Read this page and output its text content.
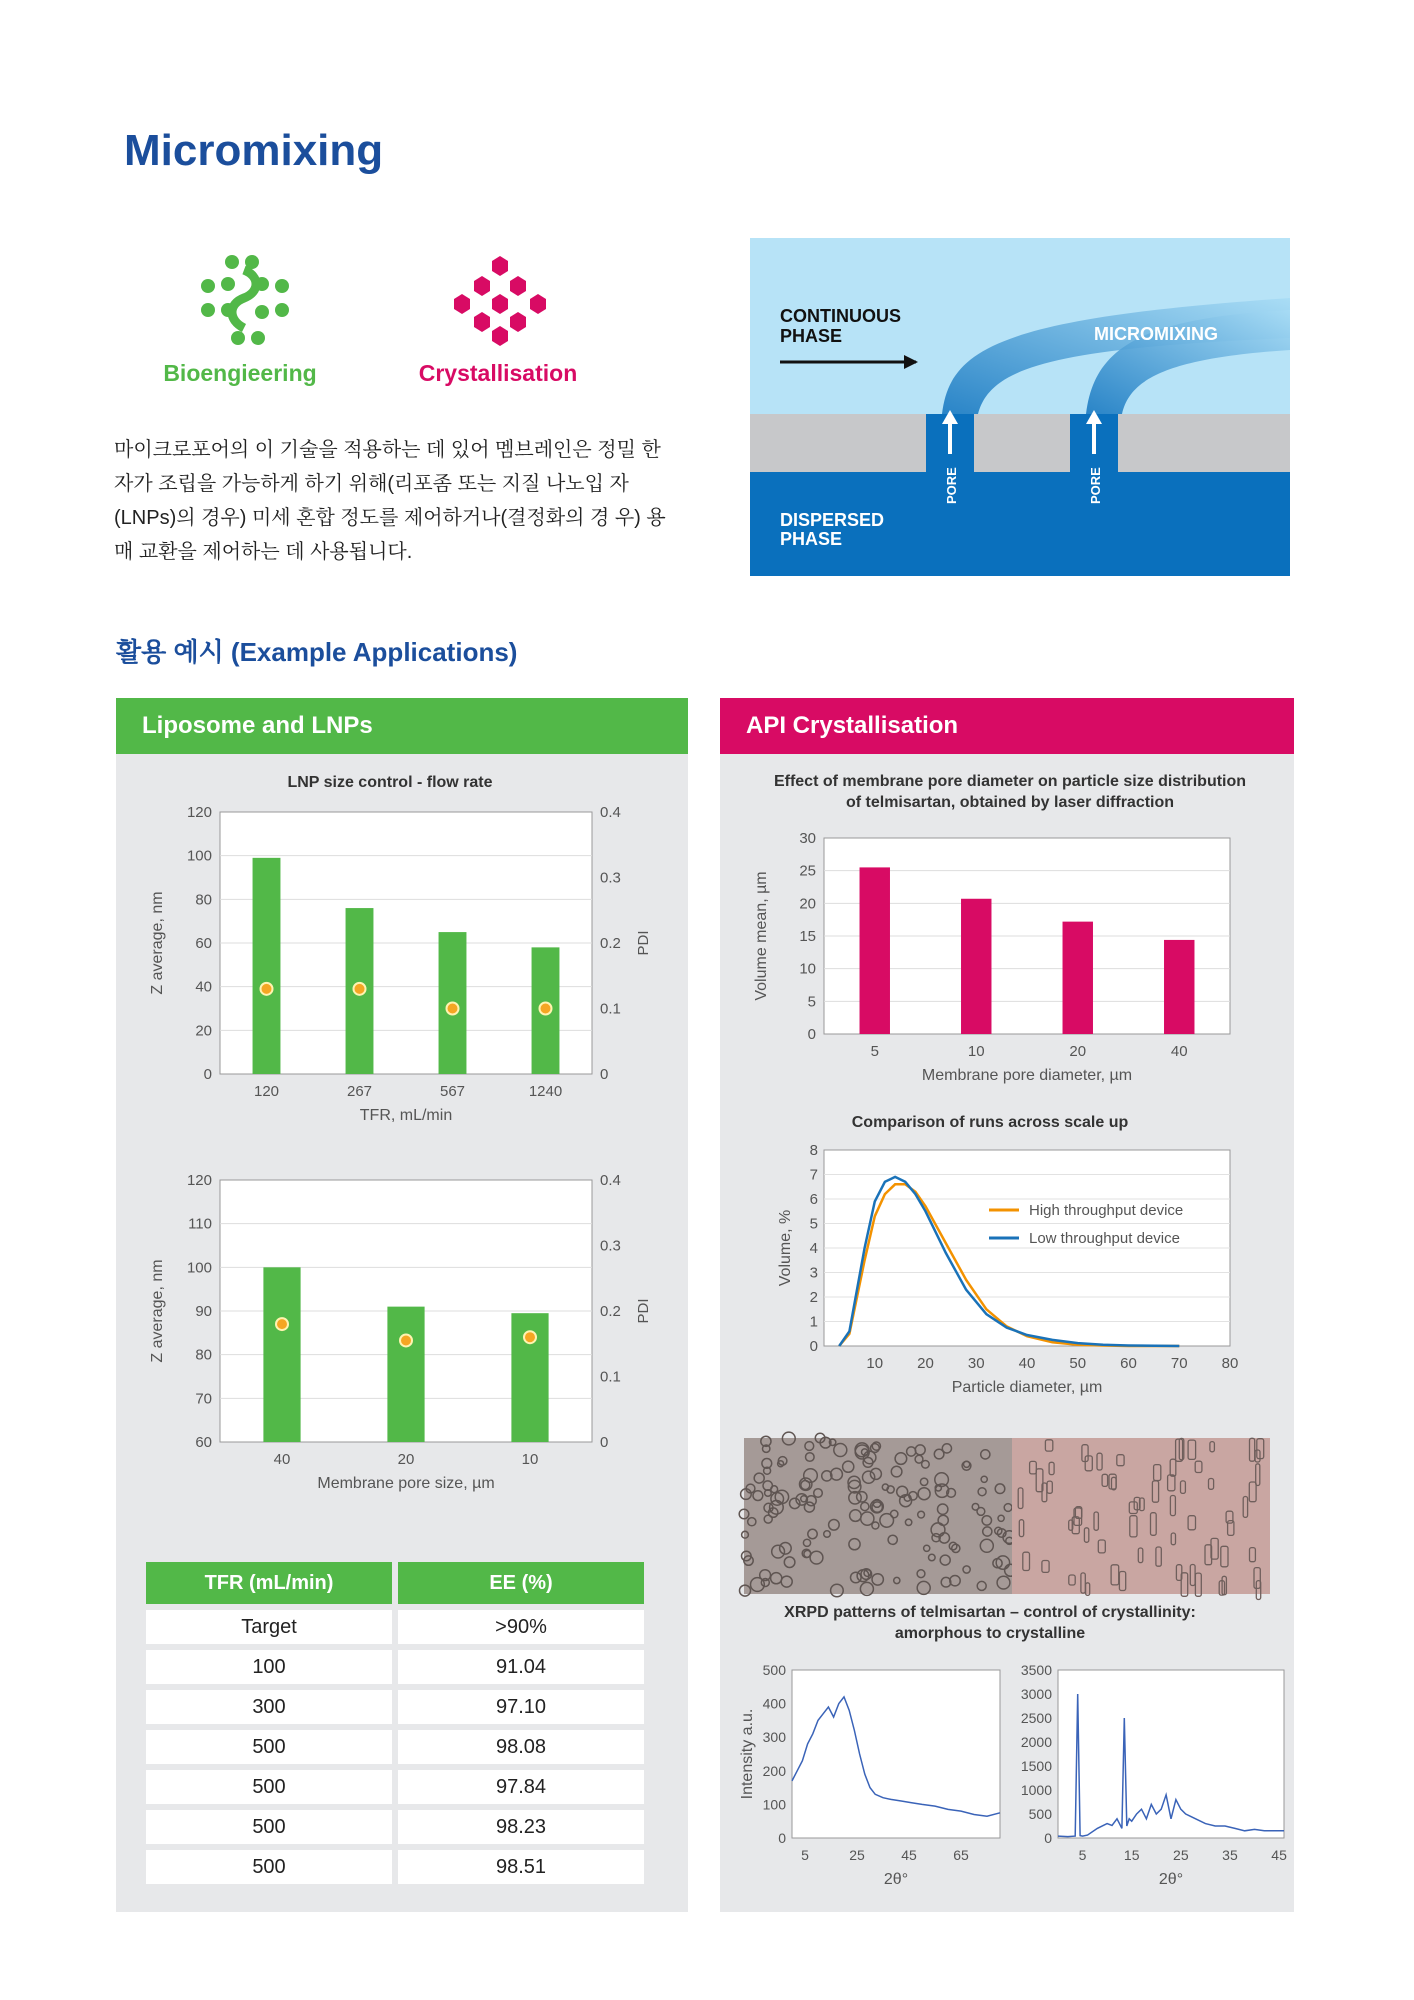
Micromixing
Bioengieering	Crystallisation

마이크로포어의 이 기술을 적용하는 데 있어 멤브레인은 정밀 한 자가 조립을 가능하게 하기 위해(리포좀 또는 지질 나노입 자(LNPs)의 경우) 미세 혼합 정도를 제어하거나(결정화의 경 우) 용매 교환을 제어하는 데 사용됩니다.

CONTINUOUS
PHASE	MICROMIXING
DISPERSED
PHASE
PORE	PORE
활용 예시 (Example Applications)
Liposome and LNPs	API Crystallisation
LNP size control - flow rate	Effect of membrane pore diameter on particle size distribution of telmisartan, obtained by laser diffraction
Comparison of runs across scale up
XRPD patterns of telmisartan – control of crystallinity: amorphous to crystalline
0
20
40
60
80
100
120
0
0.1
0.2
0.3
0.4
PDI
120	267	567	1240
TFR, mL/min
Z average, nm
60
70
80
90
100
110
120
0
0.1
0.2
0.3
0.4
PDI
40	20	10
Membrane pore size, µm
Z average, nm
0
5
10
15
20
25
30
5	10	20	40
Membrane pore diameter, µm
Volume mean, µm
0
1
2
3
4
5
6
7
8
10 20 30 40 50 60 70 80
Particle diameter, µm
Volume, %	High throughput device
Low throughput device
0
100
200
300
400
500
5	25	45	65
2θ°
Intensity a.u.
0
500
1000
1500
2000
2500
3000
3500
5	15 25 35 45
2θ°
TFR (mL/min)	EE (%)
Target	>90%
100	91.04
300	97.10
500	98.08
500	97.84
500	98.23
500	98.51
